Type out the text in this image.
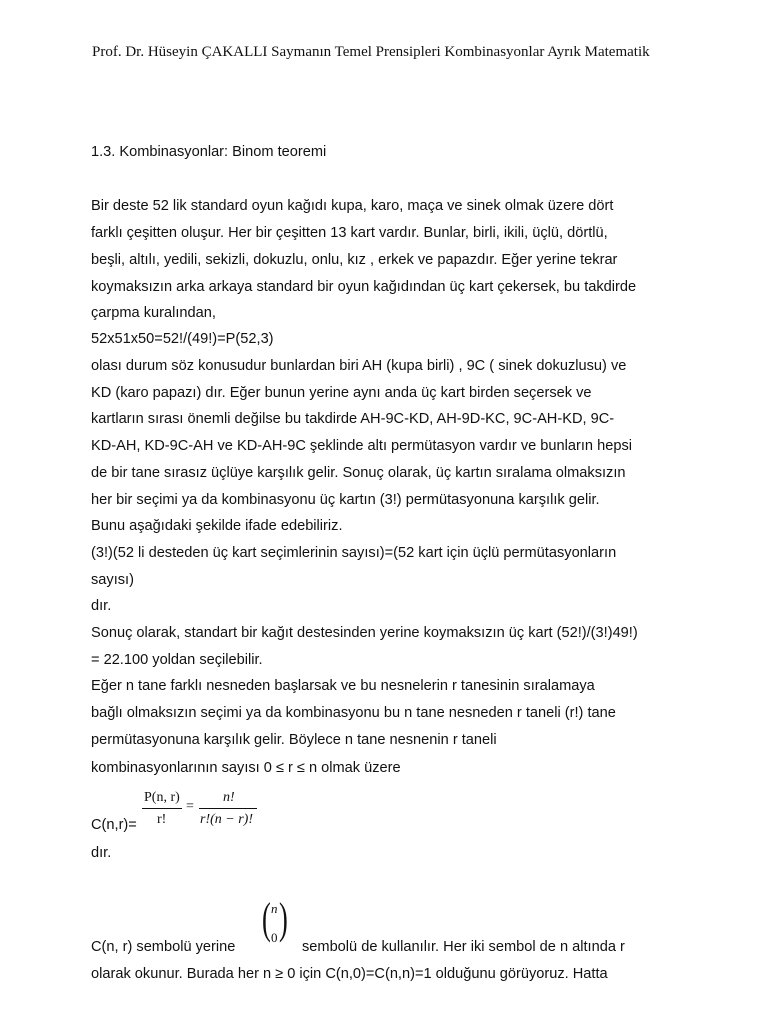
Prof. Dr. Hüseyin ÇAKALLI Saymanın Temel Prensipleri Kombinasyonlar Ayrık Matematik
1.3. Kombinasyonlar: Binom teoremi
Bir deste 52 lik standard oyun kağıdı kupa, karo, maça ve sinek olmak üzere dört
farklı çeşitten oluşur. Her bir çeşitten 13 kart vardır. Bunlar, birli, ikili, üçlü, dörtlü,
beşli, altılı, yedili, sekizli, dokuzlu, onlu, kız , erkek ve papazdır. Eğer yerine tekrar
koymaksızın arka arkaya standard bir oyun kağıdından üç kart çekersek, bu takdirde
çarpma kuralından,
52x51x50=52!/(49!)=P(52,3)
olası durum söz konusudur bunlardan biri AH (kupa birli) , 9C ( sinek dokuzlusu) ve
KD (karo papazı) dır. Eğer bunun yerine aynı anda üç kart birden seçersek ve
kartların sırası önemli değilse bu takdirde AH-9C-KD, AH-9D-KC, 9C-AH-KD, 9C-
KD-AH, KD-9C-AH ve KD-AH-9C şeklinde altı permütasyon vardır ve bunların hepsi
de bir tane sırasız üçlüye karşılık gelir. Sonuç olarak, üç kartın sıralama olmaksızın
her bir seçimi ya da kombinasyonu üç kartın (3!) permütasyonuna karşılık gelir.
Bunu aşağıdaki şekilde ifade edebiliriz.
(3!)(52 li desteden üç kart seçimlerinin sayısı)=(52 kart için üçlü permütasyonların
sayısı)
dır.
Sonuç olarak, standart bir kağıt destesinden yerine koymaksızın üç kart (52!)/(3!)49!)
= 22.100 yoldan seçilebilir.
Eğer n tane farklı nesneden başlarsak ve bu nesnelerin r tanesinin sıralamaya
bağlı olmaksızın seçimi ya da kombinasyonu bu n tane nesneden r taneli (r!) tane
permütasyonuna karşılık gelir. Böylece n tane nesnenin r taneli
kombinasyonlarının sayısı 0 ≤ r ≤ n olmak üzere
C(n,r)=
P(n, r)
r!
=
n!
r!(n − r)!
dır.
C(n, r) sembolü yerine
( n
0 )
sembolü de kullanılır. Her iki sembol de n altında r
olarak okunur. Burada her n ≥ 0 için C(n,0)=C(n,n)=1 olduğunu görüyoruz. Hatta
